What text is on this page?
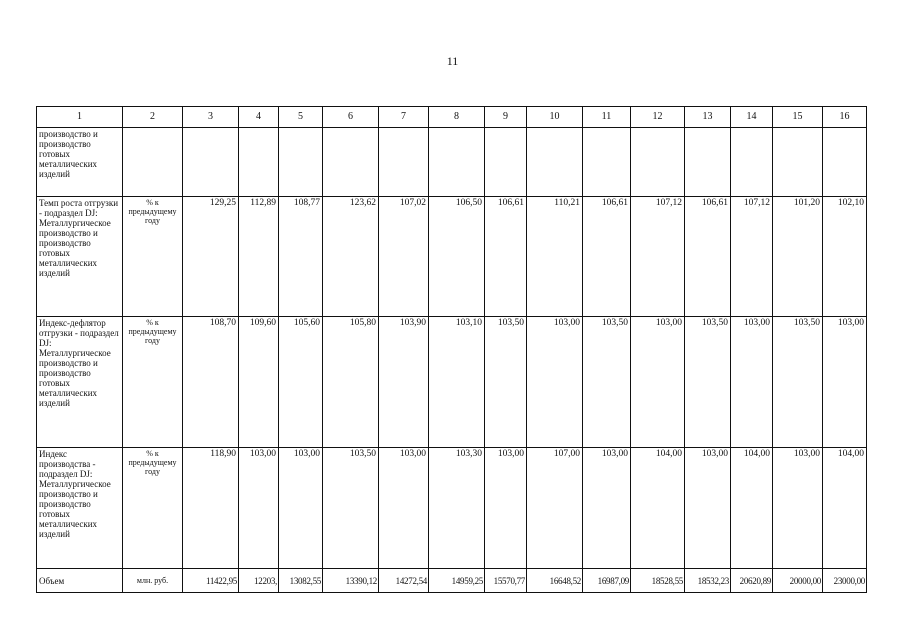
11
1	2	3	4	5	6	7	8	9	10	11	12	13	14	15	16
производство и производство готовых металлических изделий															
Темп роста отгрузки - подраздел DJ: Металлургическое производство и производство готовых металлических изделий	% к предыдущему году	129,25	112,89	108,77	123,62	107,02	106,50	106,61	110,21	106,61	107,12	106,61	107,12	101,20	102,10
Индекс-дефлятор отгрузки - подраздел DJ: Металлургическое производство и производство готовых металлических изделий	% к предыдущему году	108,70	109,60	105,60	105,80	103,90	103,10	103,50	103,00	103,50	103,00	103,50	103,00	103,50	103,00
Индекс производства - подраздел DJ: Металлургическое производство и производство готовых металлических изделий	% к предыдущему году	118,90	103,00	103,00	103,50	103,00	103,30	103,00	107,00	103,00	104,00	103,00	104,00	103,00	104,00
Объем	млн. руб.	11422,95	12203,	13082,55	13390,12	14272,54	14959,25	15570,77	16648,52	16987,09	18528,55	18532,23	20620,89	20000,00	23000,00
